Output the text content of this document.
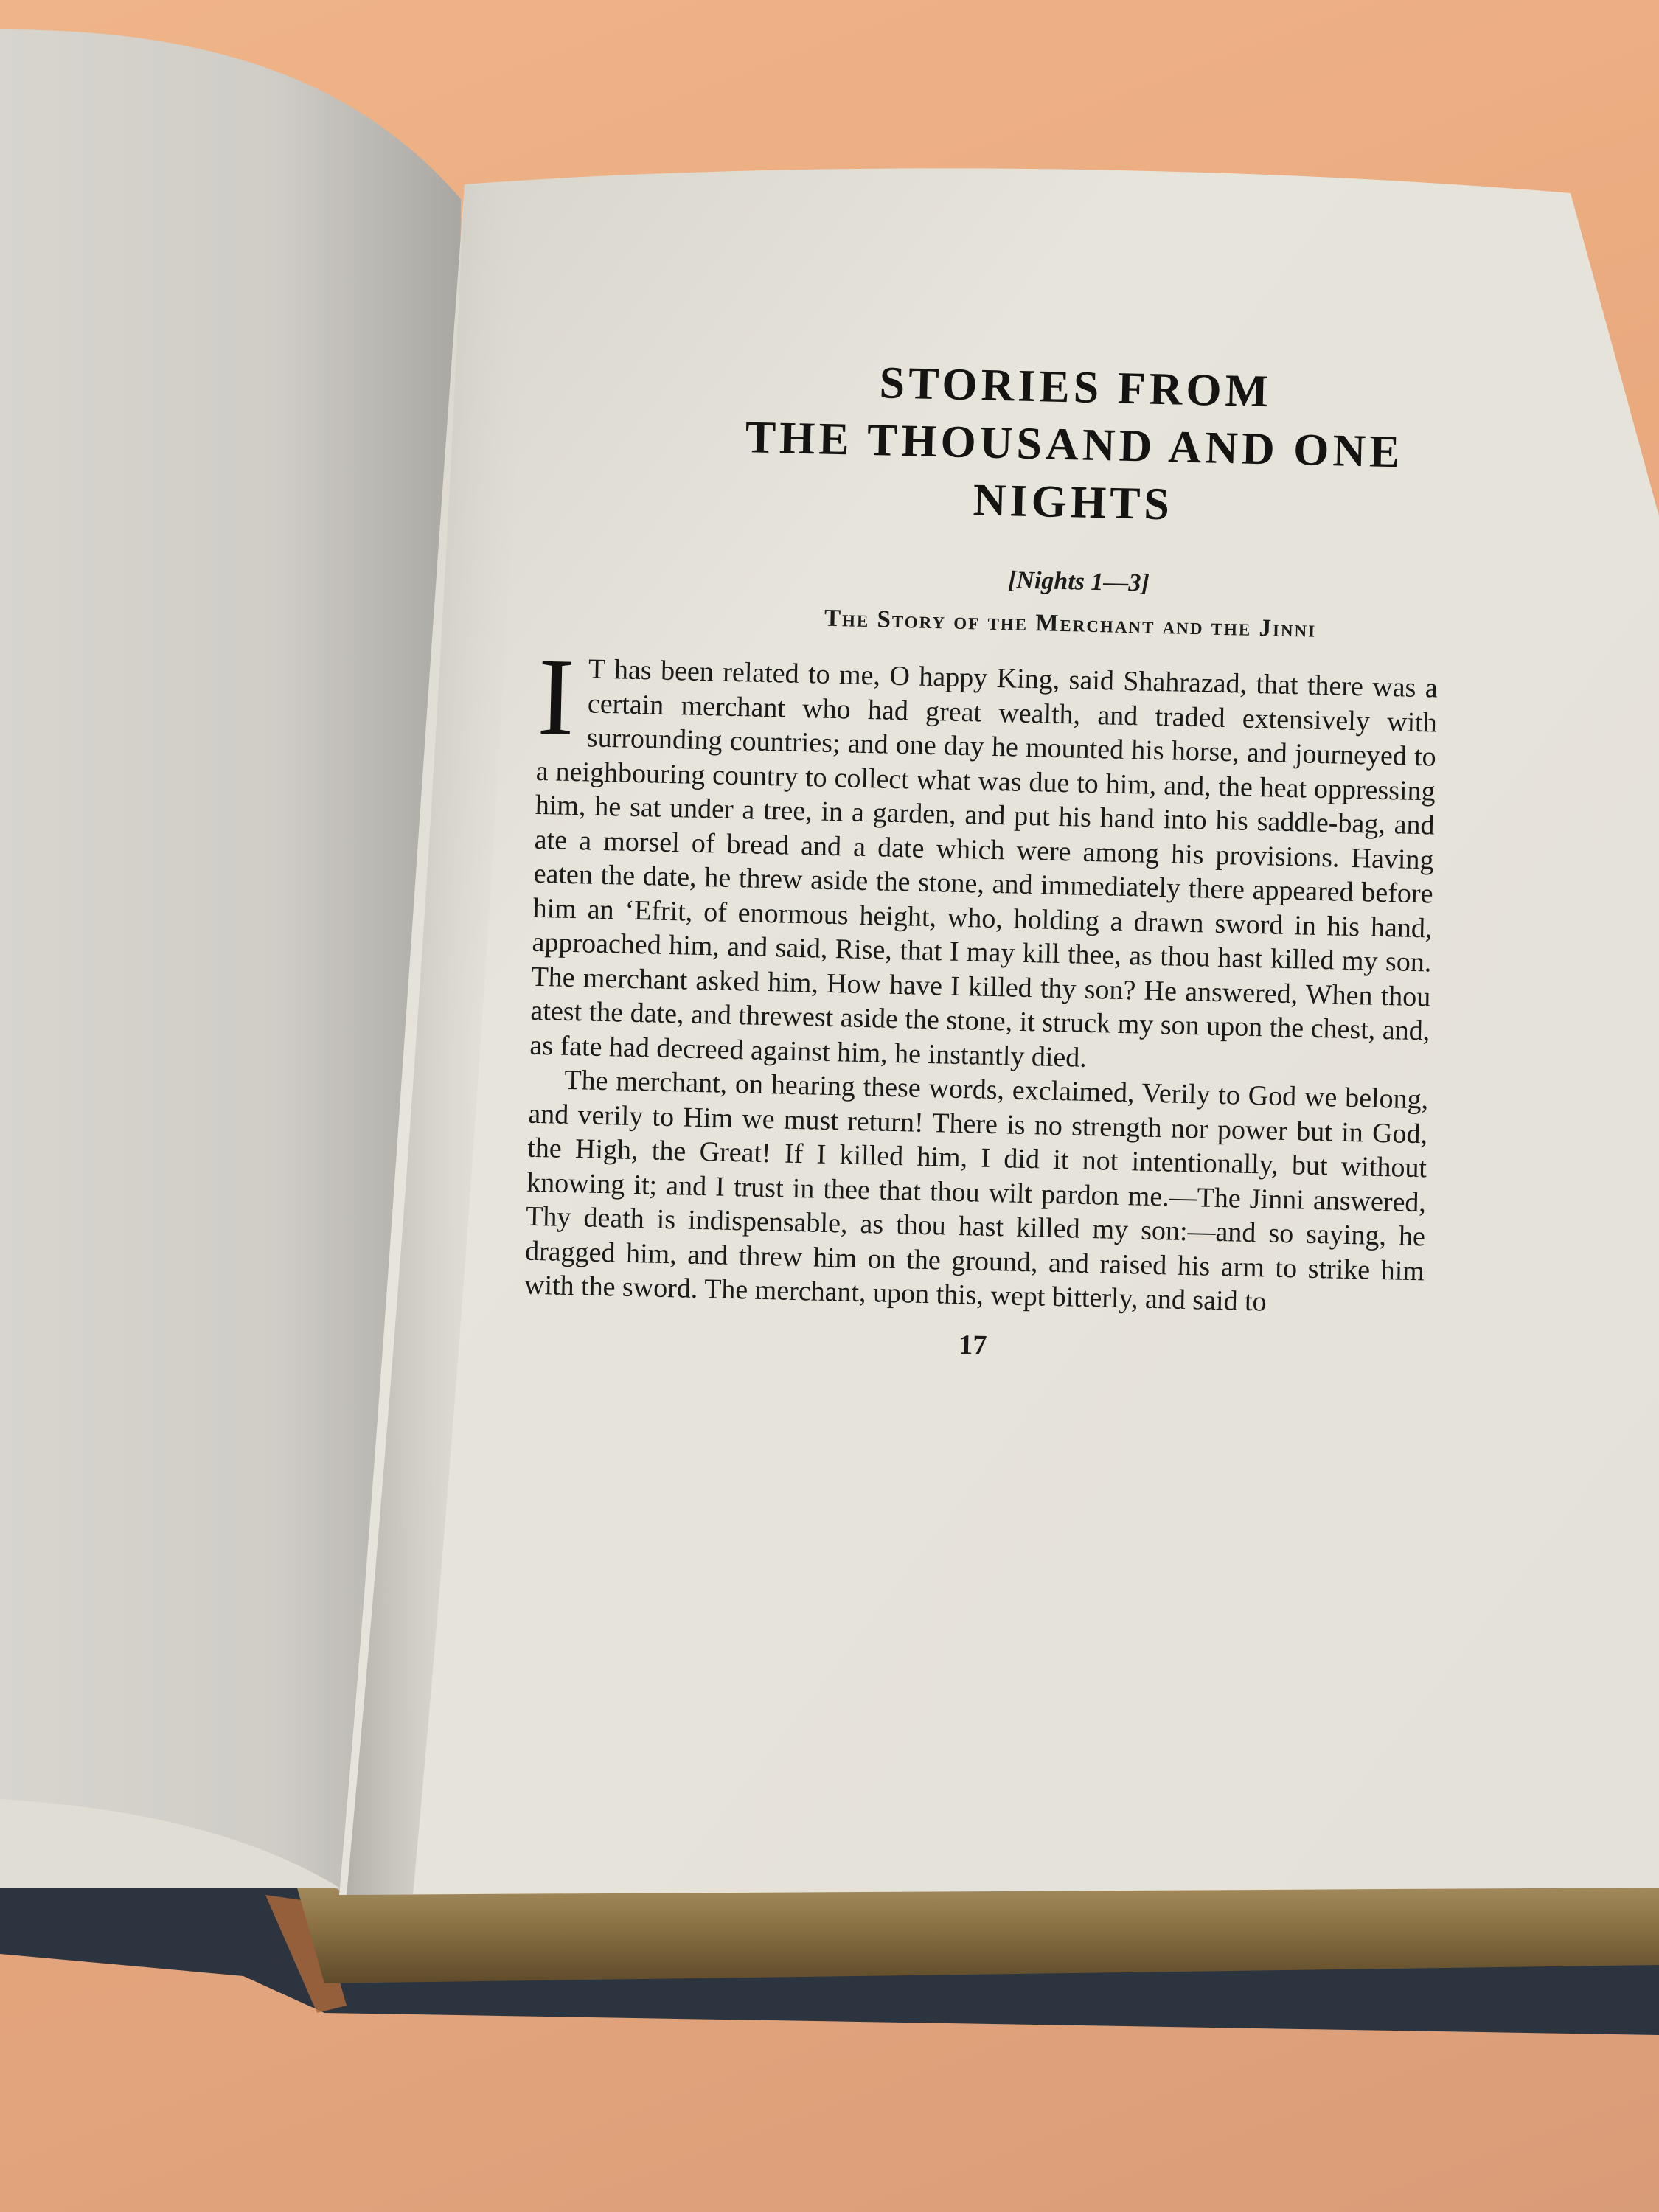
STORIES FROM
THE THOUSAND AND ONE
NIGHTS
[Nights 1—3]
The Story of the Merchant and the Jinni

I T has been related to me, O happy King, said Shahrazad, that there was a certain merchant who had great wealth, and traded extensively with surrounding countries; and one day he mounted his horse, and journeyed to a neighbouring country to collect what was due to him, and, the heat oppressing him, he sat under a tree, in a garden, and put his hand into his saddle-bag, and ate a morsel of bread and a date which were among his provisions. Having eaten the date, he threw aside the stone, and immediately there appeared before him an ‘Efrit, of enormous height, who, holding a drawn sword in his hand, approached him, and said, Rise, that I may kill thee, as thou hast killed my son. The merchant asked him, How have I killed thy son? He answered, When thou atest the date, and threwest aside the stone, it struck my son upon the chest, and, as fate had decreed against him, he instantly died.

The merchant, on hearing these words, exclaimed, Verily to God we belong, and verily to Him we must return! There is no strength nor power but in God, the High, the Great! If I killed him, I did it not intentionally, but without knowing it; and I trust in thee that thou wilt pardon me.—The Jinni answered, Thy death is indispensable, as thou hast killed my son:—and so saying, he dragged him, and threw him on the ground, and raised his arm to strike him with the sword. The merchant, upon this, wept bitterly, and said to

17
